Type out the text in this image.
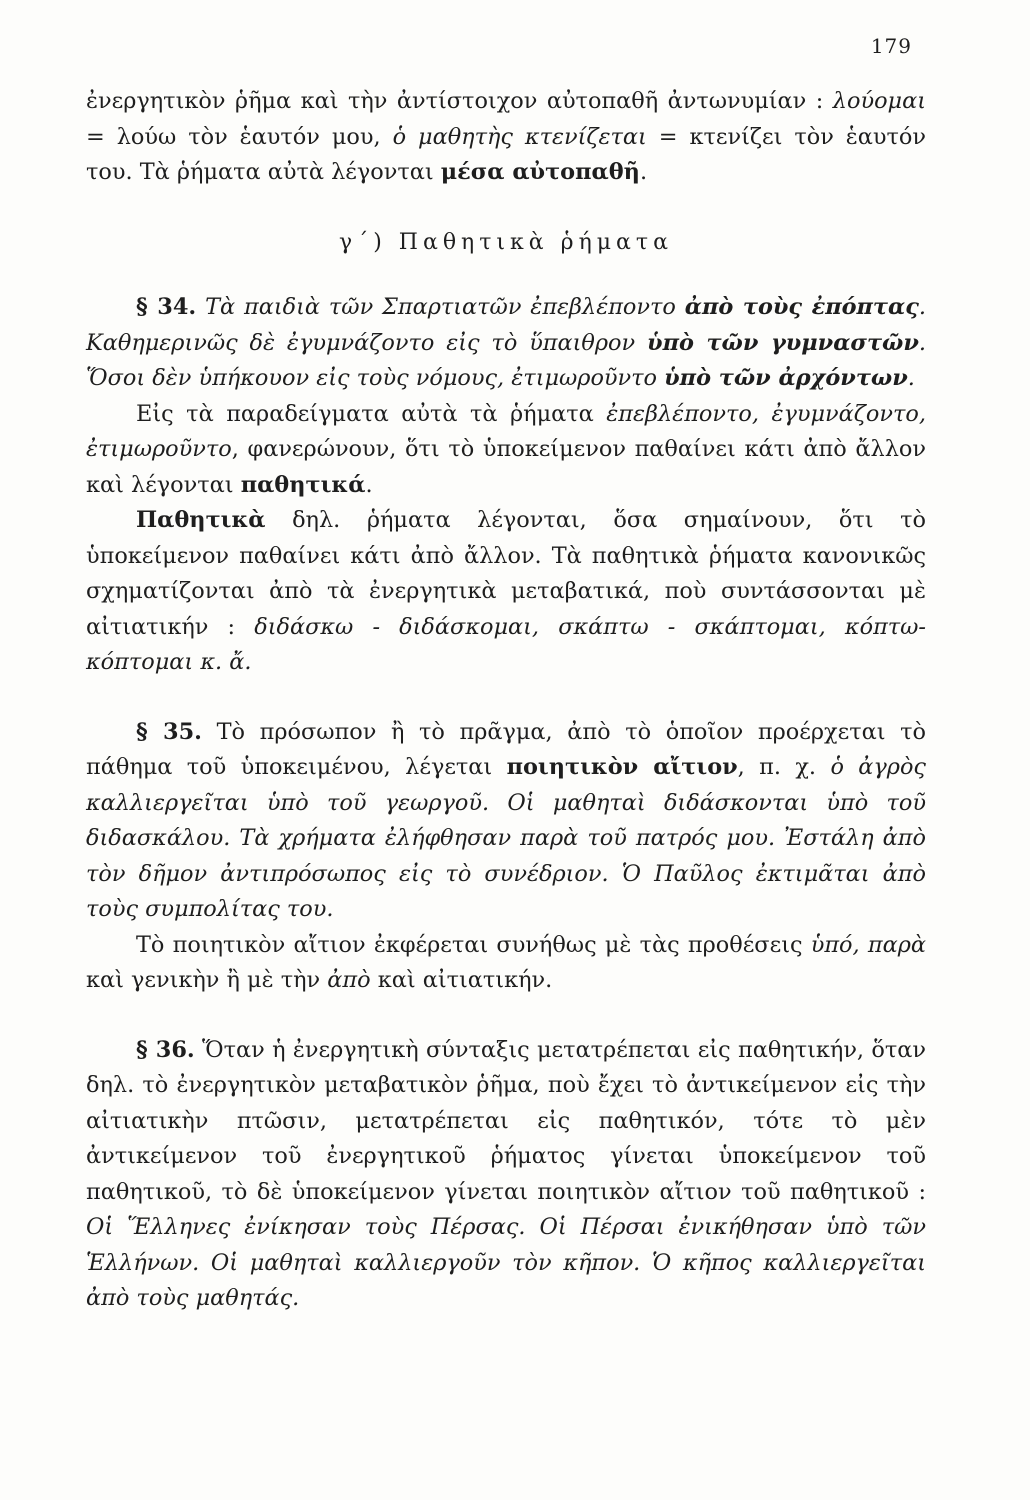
179

ἐνεργητικὸν ῥῆμα καὶ τὴν ἀντίστοιχον αὐτοπαθῆ ἀντωνυμίαν : λούομαι = λούω τὸν ἑαυτόν μου, ὁ μαθητὴς κτενίζεται = κτενίζει τὸν ἑαυτόν του. Τὰ ῥήματα αὐτὰ λέγονται μέσα αὐτοπαθῆ.

γ΄) Παθητικὰ ῥήματα

§ 34. Τὰ παιδιὰ τῶν Σπαρτιατῶν ἐπεβλέποντο ἀπὸ τοὺς ἐπόπτας. Καθημερινῶς δὲ ἐγυμνάζοντο εἰς τὸ ὕπαιθρον ὑπὸ τῶν γυμναστῶν. Ὅσοι δὲν ὑπήκουον εἰς τοὺς νόμους, ἐτιμωροῦντο ὑπὸ τῶν ἀρχόντων.

Εἰς τὰ παραδείγματα αὐτὰ τὰ ῥήματα ἐπεβλέποντο, ἐγυμνάζοντο, ἐτιμωροῦντο, φανερώνουν, ὅτι τὸ ὑποκείμενον παθαίνει κάτι ἀπὸ ἄλλον καὶ λέγονται παθητικά.

Παθητικὰ δηλ. ῥήματα λέγονται, ὅσα σημαίνουν, ὅτι τὸ ὑποκείμενον παθαίνει κάτι ἀπὸ ἄλλον. Τὰ παθητικὰ ῥήματα κανονικῶς σχηματίζονται ἀπὸ τὰ ἐνεργητικὰ μεταβατικά, ποὺ συντάσσονται μὲ αἰτιατικήν : διδάσκω - διδάσκομαι, σκάπτω - σκάπτομαι, κόπτω-κόπτομαι κ. ἄ.

§ 35. Τὸ πρόσωπον ἢ τὸ πρᾶγμα, ἀπὸ τὸ ὁποῖον προέρχεται τὸ πάθημα τοῦ ὑποκειμένου, λέγεται ποιητικὸν αἴτιον, π. χ. ὁ ἀγρὸς καλλιεργεῖται ὑπὸ τοῦ γεωργοῦ. Οἱ μαθηταὶ διδάσκονται ὑπὸ τοῦ διδασκάλου. Τὰ χρήματα ἐλήφθησαν παρὰ τοῦ πατρός μου. Ἐστάλη ἀπὸ τὸν δῆμον ἀντιπρόσωπος εἰς τὸ συνέδριον. Ὁ Παῦλος ἐκτιμᾶται ἀπὸ τοὺς συμπολίτας του.

Τὸ ποιητικὸν αἴτιον ἐκφέρεται συνήθως μὲ τὰς προθέσεις ὑπό, παρὰ καὶ γενικὴν ἢ μὲ τὴν ἀπὸ καὶ αἰτιατικήν.

§ 36. Ὅταν ἡ ἐνεργητικὴ σύνταξις μετατρέπεται εἰς παθητικήν, ὅταν δηλ. τὸ ἐνεργητικὸν μεταβατικὸν ῥῆμα, ποὺ ἔχει τὸ ἀντικείμενον εἰς τὴν αἰτιατικὴν πτῶσιν, μετατρέπεται εἰς παθητικόν, τότε τὸ μὲν ἀντικείμενον τοῦ ἐνεργητικοῦ ῥήματος γίνεται ὑποκείμενον τοῦ παθητικοῦ, τὸ δὲ ὑποκείμενον γίνεται ποιητικὸν αἴτιον τοῦ παθητικοῦ : Οἱ Ἕλληνες ἐνίκησαν τοὺς Πέρσας. Οἱ Πέρσαι ἐνικήθησαν ὑπὸ τῶν Ἑλλήνων. Οἱ μαθηταὶ καλλιεργοῦν τὸν κῆπον. Ὁ κῆπος καλλιεργεῖται ἀπὸ τοὺς μαθητάς.
